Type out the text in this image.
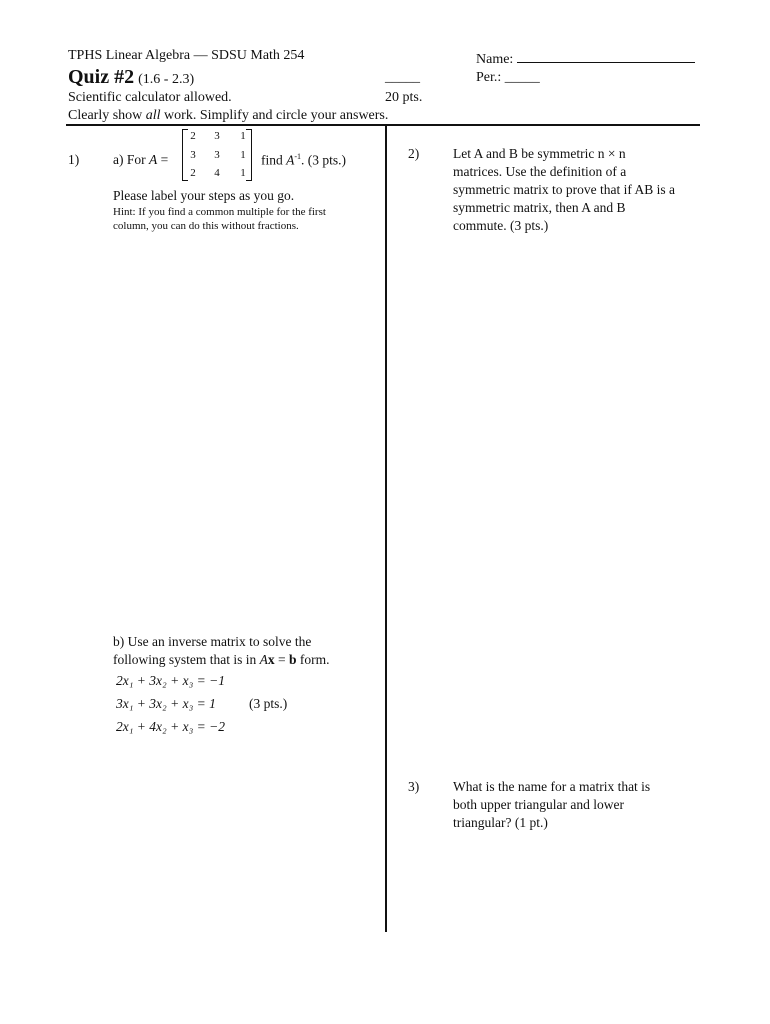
TPHS Linear Algebra — SDSU Math 254	Name:
Quiz #2 (1.6 - 2.3)	_____	Per.: _____
Scientific calculator allowed.	20 pts.
Clearly show all work. Simplify and circle your answers.
1)	a) For A =
2	3	1
3	3	1
2	4	1
find $A^{-1}$. (3 pts.)
Please label your steps as you go.
Hint: If you find a common multiple for the first
column, you can do this without fractions.
b) Use an inverse matrix to solve the
following system that is in Ax = b form.
2x₁ + 3x₂ + x₃ = −1
3x₁ + 3x₂ + x₃ = 1 (3 pts.)
2x₁ + 4x₂ + x₃ = −2
2)	Let A and B be symmetric n × n
matrices. Use the definition of a
symmetric matrix to prove that if AB is a
symmetric matrix, then A and B
commute. (3 pts.)
3)	What is the name for a matrix that is
both upper triangular and lower
triangular? (1 pt.)
